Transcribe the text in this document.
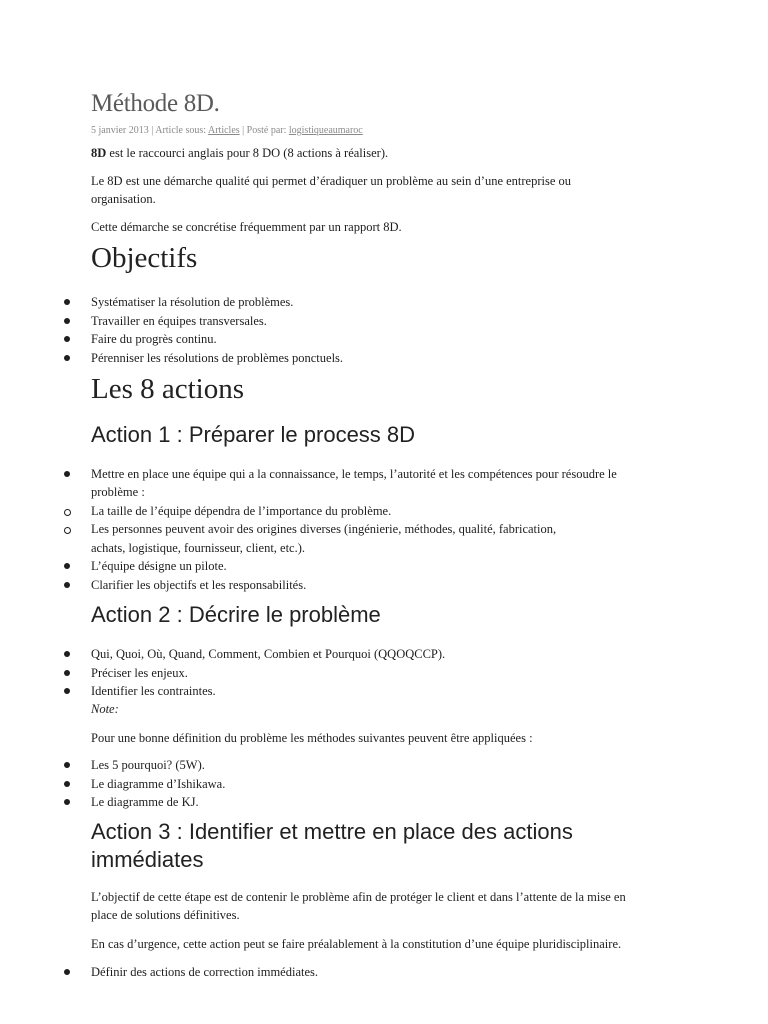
Méthode 8D.
5 janvier 2013 | Article sous: Articles | Posté par: logistiqueaumaroc
8D est le raccourci anglais pour 8 DO (8 actions à réaliser).
Le 8D est une démarche qualité qui permet d’éradiquer un problème au sein d’une entreprise ou
organisation.
Cette démarche se concrétise fréquemment par un rapport 8D.
Objectifs
Systématiser la résolution de problèmes.
Travailler en équipes transversales.
Faire du progrès continu.
Pérenniser les résolutions de problèmes ponctuels.
Les 8 actions
Action 1 : Préparer le process 8D
Mettre en place une équipe qui a la connaissance, le temps, l’autorité et les compétences pour résoudre le
problème :
La taille de l’équipe dépendra de l’importance du problème.
Les personnes peuvent avoir des origines diverses (ingénierie, méthodes, qualité, fabrication,
achats, logistique, fournisseur, client, etc.).
L’équipe désigne un pilote.
Clarifier les objectifs et les responsabilités.
Action 2 : Décrire le problème
Qui, Quoi, Où, Quand, Comment, Combien et Pourquoi (QQOQCCP).
Préciser les enjeux.
Identifier les contraintes.
Note:
Pour une bonne définition du problème les méthodes suivantes peuvent être appliquées :
Les 5 pourquoi? (5W).
Le diagramme d’Ishikawa.
Le diagramme de KJ.
Action 3 : Identifier et mettre en place des actions
immédiates
L’objectif de cette étape est de contenir le problème afin de protéger le client et dans l’attente de la mise en
place de solutions définitives.
En cas d’urgence, cette action peut se faire préalablement à la constitution d’une équipe pluridisciplinaire.
Définir des actions de correction immédiates.
